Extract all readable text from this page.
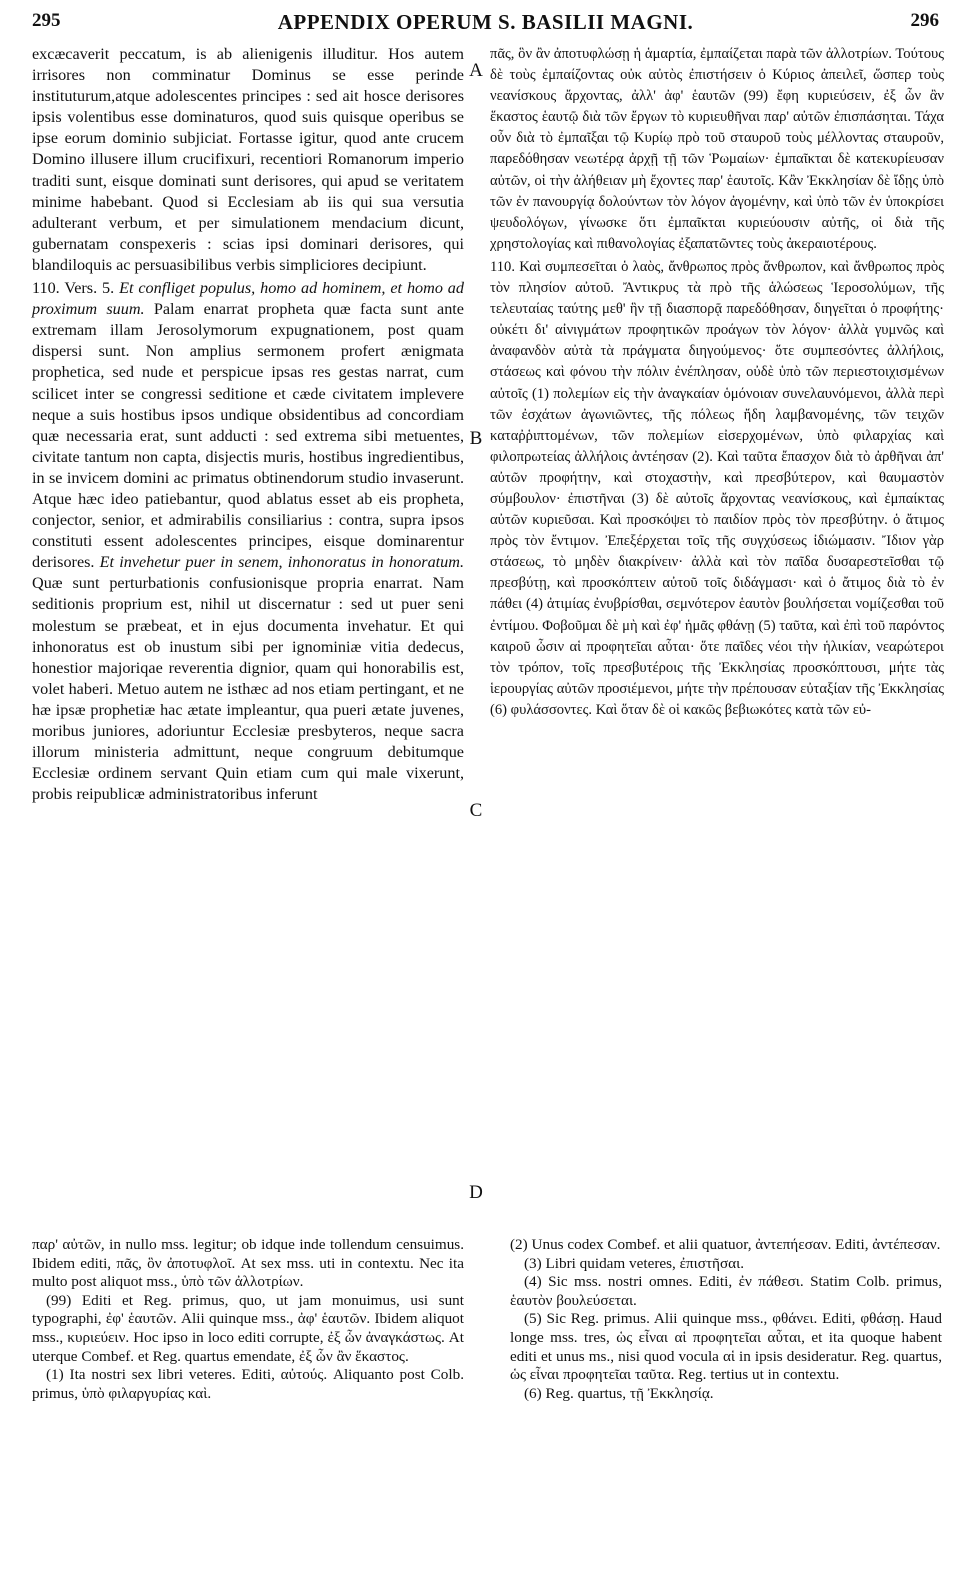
295	APPENDIX OPERUM S. BASILII MAGNI.	296

excæcaverit peccatum, is ab alienigenis illuditur. Hos autem irrisores non comminatur Dominus se esse perinde instituturum,atque adolescentes principes : sed ait hosce derisores ipsis volentibus esse dominaturos, quod suis quisque operibus se ipse eorum dominio subjiciat. Fortasse igitur, quod ante crucem Domino illusere illum crucifixuri, recentiori Romanorum imperio traditi sunt, eisque dominati sunt derisores, qui apud se veritatem minime habebant. Quod si Ecclesiam ab iis qui sua versutia adulterant verbum, et per simulationem mendacium dicunt, gubernatam conspexeris : scias ipsi dominari derisores, qui blandiloquis ac persuasibilibus verbis simpliciores decipiunt.

110. Vers. 5. Et confliget populus, homo ad hominem, et homo ad proximum suum. Palam enarrat propheta quæ facta sunt ante extremam illam Jerosolymorum expugnationem, post quam dispersi sunt. Non amplius sermonem profert ænigmata prophetica, sed nude et perspicue ipsas res gestas narrat, cum scilicet inter se congressi seditione et cæde civitatem implevere neque a suis hostibus ipsos undique obsidentibus ad concordiam quæ necessaria erat, sunt adducti : sed extrema sibi metuentes, civitate tantum non capta, disjectis muris, hostibus ingredientibus, in se invicem domini ac primatus obtinendorum studio invaserunt. Atque hæc ideo patiebantur, quod ablatus esset ab eis propheta, conjector, senior, et admirabilis consiliarius : contra, supra ipsos constituti essent adolescentes principes, eisque dominarentur derisores. Et invehetur puer in senem, inhonoratus in honoratum. Quæ sunt perturbationis confusionisque propria enarrat. Nam seditionis proprium est, nihil ut discernatur : sed ut puer seni molestum se præbeat, et in ejus documenta invehatur. Et qui inhonoratus est ob inustum sibi per ignominiæ vitia dedecus, honestior majoriqae reverentia dignior, quam qui honorabilis est, volet haberi. Metuo autem ne isthæc ad nos etiam pertingant, et ne hæ ipsæ prophetiæ hac ætate impleantur, qua pueri ætate juvenes, moribus juniores, adoriuntur Ecclesiæ presbyteros, neque sacra illorum ministeria admittunt, neque congruum debitumque Ecclesiæ ordinem servant Quin etiam cum qui male vixerunt, probis reipublicæ administratoribus inferunt

A
B
C
D

πᾶς, ὃν ἂν ἀποτυφλώσῃ ἡ ἁμαρτία, ἐμπαίζεται παρὰ τῶν ἀλλοτρίων. Τούτους δὲ τοὺς ἐμπαίζοντας οὐκ αὐτὸς ἐπιστήσειν ὁ Κύριος ἀπειλεῖ, ὥσπερ τοὺς νεανίσκους ἄρχοντας, ἀλλ' ἀφ' ἑαυτῶν (99) ἔφη κυριεύσειν, ἐξ ὧν ἂν ἕκαστος ἑαυτῷ διὰ τῶν ἔργων τὸ κυριευθῆναι παρ' αὐτῶν ἐπισπάσηται. Τάχα οὖν διὰ τὸ ἐμπαῖξαι τῷ Κυρίῳ πρὸ τοῦ σταυροῦ τοὺς μέλλοντας σταυροῦν, παρεδόθησαν νεωτέρᾳ ἀρχῇ τῇ τῶν Ῥωμαίων· ἐμπαῖκται δὲ κατεκυρίευσαν αὐτῶν, οἱ τὴν ἀλήθειαν μὴ ἔχοντες παρ' ἑαυτοῖς. Κἂν Ἐκκλησίαν δὲ ἴδῃς ὑπὸ τῶν ἐν πανουργίᾳ δολούντων τὸν λόγον ἀγομένην, καὶ ὑπὸ τῶν ἐν ὑποκρίσει ψευδολόγων, γίνωσκε ὅτι ἐμπαῖκται κυριεύουσιν αὐτῆς, οἱ διὰ τῆς χρηστολογίας καὶ πιθανολογίας ἐξαπατῶντες τοὺς ἀκεραιοτέρους.

110. Καὶ συμπεσεῖται ὁ λαὸς, ἄνθρωπος πρὸς ἄνθρωπον, καὶ ἄνθρωπος πρὸς τὸν πλησίον αὐτοῦ. Ἄντικρυς τὰ πρὸ τῆς ἁλώσεως Ἱεροσολύμων, τῆς τελευταίας ταύτης μεθ' ἣν τῇ διασπορᾷ παρεδόθησαν, διηγεῖται ὁ προφήτης· οὐκέτι δι' αἰνιγμάτων προφητικῶν προάγων τὸν λόγον· ἀλλὰ γυμνῶς καὶ ἀναφανδὸν αὐτὰ τὰ πράγματα διηγούμενος· ὅτε συμπεσόντες ἀλλήλοις, στάσεως καὶ φόνου τὴν πόλιν ἐνέπλησαν, οὐδὲ ὑπὸ τῶν περιεστοιχισμένων αὐτοῖς (1) πολεμίων εἰς τὴν ἀναγκαίαν ὁμόνοιαν συνελαυνόμενοι, ἀλλὰ περὶ τῶν ἐσχάτων ἀγωνιῶντες, τῆς πόλεως ἤδη λαμβανομένης, τῶν τειχῶν καταῤῥιπτομένων, τῶν πολεμίων εἰσερχομένων, ὑπὸ φιλαρχίας καὶ φιλοπρωτείας ἀλλήλοις ἀντέησαν (2). Καὶ ταῦτα ἔπασχον διὰ τὸ ἀρθῆναι ἀπ' αὐτῶν προφήτην, καὶ στοχαστὴν, καὶ πρεσβύτερον, καὶ θαυμαστὸν σύμβουλον· ἐπιστῆναι (3) δὲ αὐτοῖς ἄρχοντας νεανίσκους, καὶ ἐμπαίκτας αὐτῶν κυριεῦσαι. Καὶ προσκόψει τὸ παιδίον πρὸς τὸν πρεσβύτην. ὁ ἄτιμος πρὸς τὸν ἔντιμον. Ἐπεξέρχεται τοῖς τῆς συγχύσεως ἰδιώμασιν. Ἴδιον γὰρ στάσεως, τὸ μηδὲν διακρίνειν· ἀλλὰ καὶ τὸν παῖδα δυσαρεστεῖσθαι τῷ πρεσβύτῃ, καὶ προσκόπτειν αὐτοῦ τοῖς διδάγμασι· καὶ ὁ ἄτιμος διὰ τὸ ἐν πάθει (4) ἀτιμίας ἐνυβρίσθαι, σεμνότερον ἑαυτὸν βουλήσεται νομίζεσθαι τοῦ ἐντίμου. Φοβοῦμαι δὲ μὴ καὶ ἐφ' ἡμᾶς φθάνῃ (5) ταῦτα, καὶ ἐπὶ τοῦ παρόντος καιροῦ ὦσιν αἱ προφητεῖαι αὗται· ὅτε παῖδες νέοι τὴν ἡλικίαν, νεαρώτεροι τὸν τρόπον, τοῖς πρεσβυτέροις τῆς Ἐκκλησίας προσκόπτουσι, μήτε τὰς ἱερουργίας αὐτῶν προσιέμενοι, μήτε τὴν πρέπουσαν εὐταξίαν τῆς Ἐκκλησίας (6) φυλάσσοντες. Καὶ ὅταν δὲ οἱ κακῶς βεβιωκότες κατὰ τῶν εὐ-

παρ' αὐτῶν, in nullo mss. legitur; ob idque inde tollendum censuimus. Ibidem editi, πᾶς, ὃν ἀποτυφλοῖ. At sex mss. uti in contextu. Nec ita multo post aliquot mss., ὑπὸ τῶν ἀλλοτρίων.

(99) Editi et Reg. primus, quo, ut jam monuimus, usi sunt typographi, ἐφ' ἑαυτῶν. Alii quinque mss., ἀφ' ἑαυτῶν. Ibidem aliquot mss., κυριεύειν. Hoc ipso in loco editi corrupte, ἐξ ὧν ἀναγκάστως. At uterque Combef. et Reg. quartus emendate, ἐξ ὧν ἂν ἕκαστος.

(1) Ita nostri sex libri veteres. Editi, αὐτούς. Aliquanto post Colb. primus, ὑπὸ φιλαργυρίας καὶ.

(2) Unus codex Combef. et alii quatuor, ἀντεπήεσαν. Editi, ἀντέπεσαν.

(3) Libri quidam veteres, ἐπιστῆσαι.

(4) Sic mss. nostri omnes. Editi, ἐν πάθεσι. Statim Colb. primus, ἑαυτὸν βουλεύσεται.

(5) Sic Reg. primus. Alii quinque mss., φθάνει. Editi, φθάσῃ. Haud longe mss. tres, ὡς εἶναι αἱ προφητεῖαι αὗται, et ita quoque habent editi et unus ms., nisi quod vocula αἱ in ipsis desideratur. Reg. quartus, ὡς εἶναι προφητεῖαι ταῦτα. Reg. tertius ut in contextu.

(6) Reg. quartus, τῇ Ἐκκλησίᾳ.
